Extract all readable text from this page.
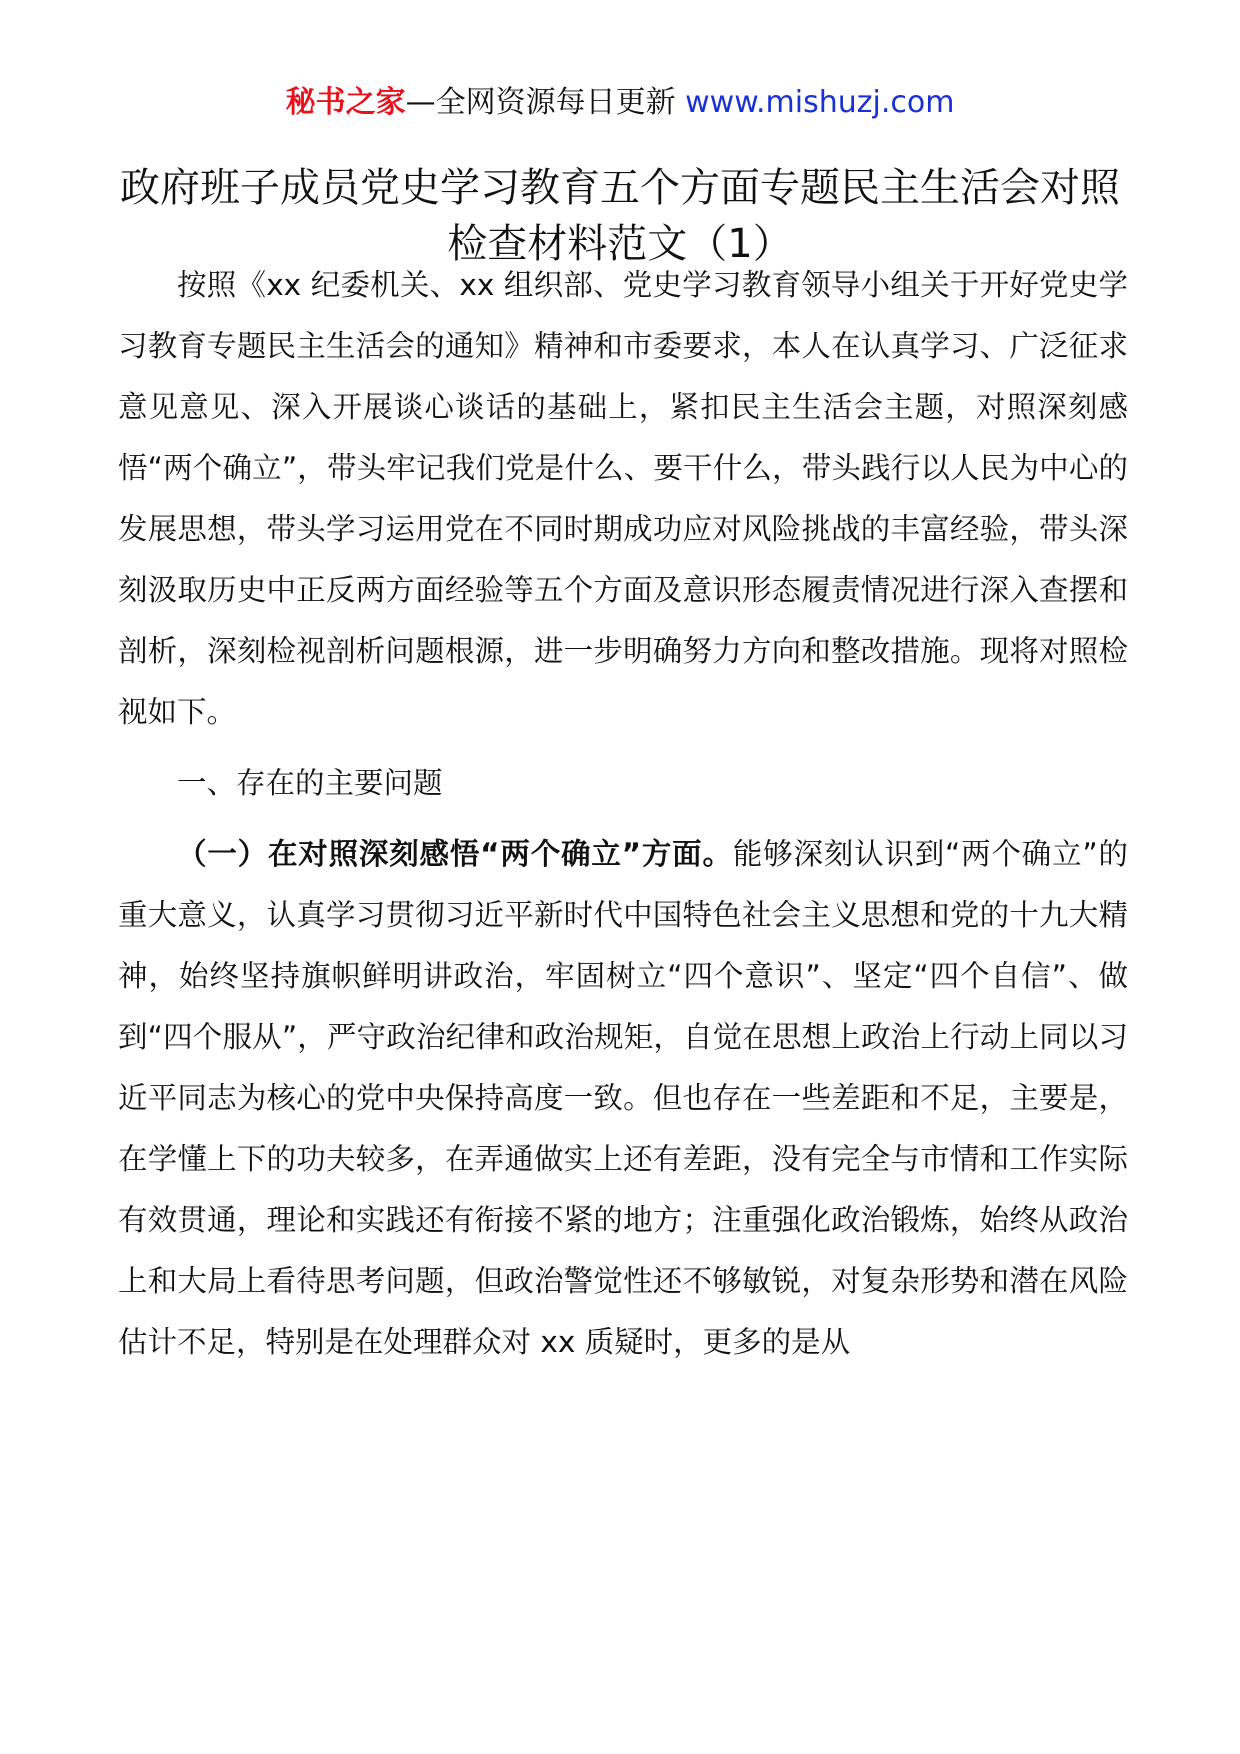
秘书之家—全网资源每日更新 www.mishuzj.com
政府班子成员党史学习教育五个方面专题民主生活会对照检查材料范文（1）

按照《xx 纪委机关、xx 组织部、党史学习教育领导小组关于开好党史学习教育专题民主生活会的通知》精神和市委要求，本人在认真学习、广泛征求意见意见、深入开展谈心谈话的基础上，紧扣民主生活会主题，对照深刻感悟“两个确立”，带头牢记我们党是什么、要干什么，带头践行以人民为中心的发展思想，带头学习运用党在不同时期成功应对风险挑战的丰富经验，带头深刻汲取历史中正反两方面经验等五个方面及意识形态履责情况进行深入查摆和剖析，深刻检视剖析问题根源，进一步明确努力方向和整改措施。现将对照检视如下。

一、存在的主要问题

（一）在对照深刻感悟“两个确立”方面。能够深刻认识到“两个确立”的重大意义，认真学习贯彻习近平新时代中国特色社会主义思想和党的十九大精神，始终坚持旗帜鲜明讲政治，牢固树立“四个意识”、坚定“四个自信”、做到“四个服从”，严守政治纪律和政治规矩，自觉在思想上政治上行动上同以习近平同志为核心的党中央保持高度一致。但也存在一些差距和不足，主要是，在学懂上下的功夫较多，在弄通做实上还有差距，没有完全与市情和工作实际有效贯通，理论和实践还有衔接不紧的地方；注重强化政治锻炼，始终从政治上和大局上看待思考问题，但政治警觉性还不够敏锐，对复杂形势和潜在风险估计不足，特别是在处理群众对 xx 质疑时，更多的是从
